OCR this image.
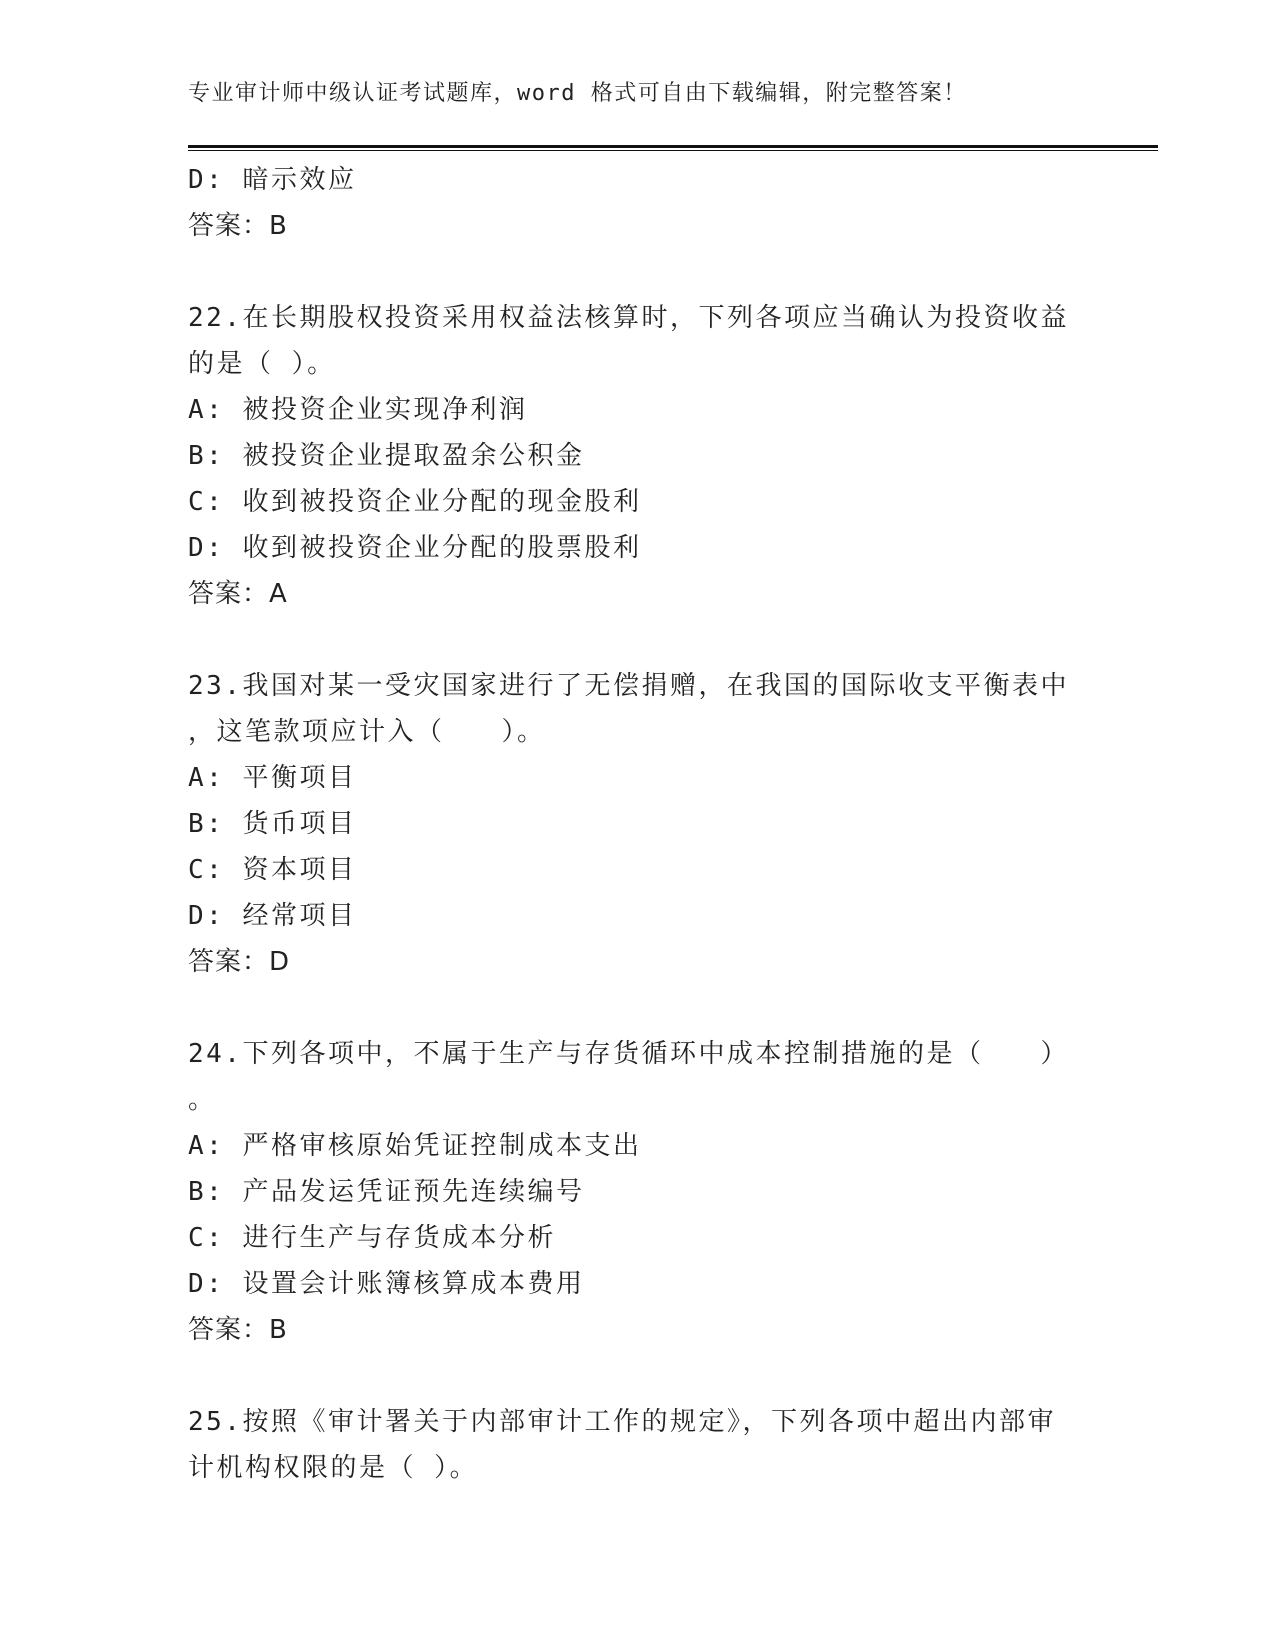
专业审计师中级认证考试题库，word 格式可自由下载编辑，附完整答案！
D: 暗示效应
答案：B
22.在长期股权投资采用权益法核算时，下列各项应当确认为投资收益
的是（ ）。
A: 被投资企业实现净利润
B: 被投资企业提取盈余公积金
C: 收到被投资企业分配的现金股利
D: 收到被投资企业分配的股票股利
答案：A
23.我国对某一受灾国家进行了无偿捐赠，在我国的国际收支平衡表中
，这笔款项应计入（　　）。
A: 平衡项目
B: 货币项目
C: 资本项目
D: 经常项目
答案：D
24.下列各项中，不属于生产与存货循环中成本控制措施的是（　　）
。
A: 严格审核原始凭证控制成本支出
B: 产品发运凭证预先连续编号
C: 进行生产与存货成本分析
D: 设置会计账簿核算成本费用
答案：B
25.按照《审计署关于内部审计工作的规定》，下列各项中超出内部审
计机构权限的是（ ）。
